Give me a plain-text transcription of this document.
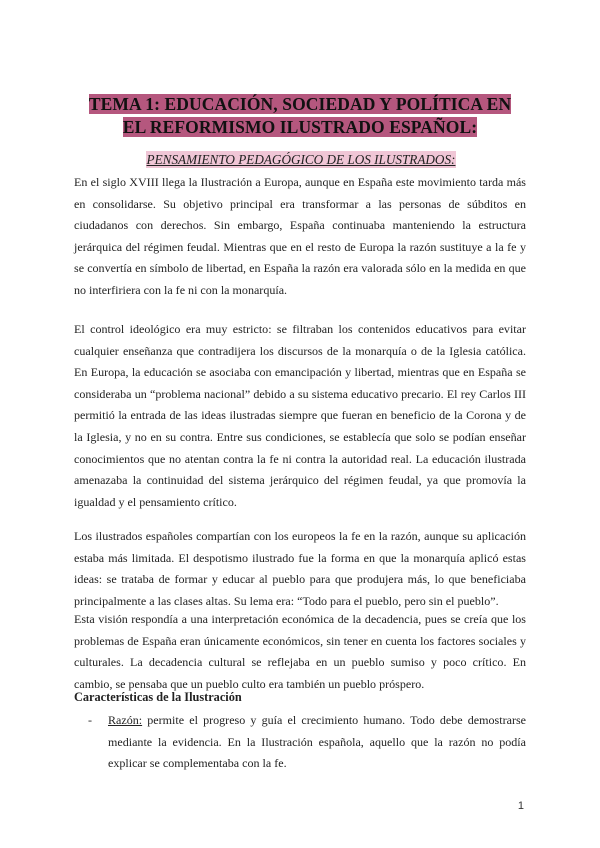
TEMA 1: EDUCACIÓN, SOCIEDAD Y POLÍTICA EN
EL REFORMISMO ILUSTRADO ESPAÑOL:
PENSAMIENTO PEDAGÓGICO DE LOS ILUSTRADOS:

En el siglo XVIII llega la Ilustración a Europa, aunque en España este movimiento tarda más en consolidarse. Su objetivo principal era transformar a las personas de súbditos en ciudadanos con derechos. Sin embargo, España continuaba manteniendo la estructura jerárquica del régimen feudal. Mientras que en el resto de Europa la razón sustituye a la fe y se convertía en símbolo de libertad, en España la razón era valorada sólo en la medida en que no interfiriera con la fe ni con la monarquía.

El control ideológico era muy estricto: se filtraban los contenidos educativos para evitar cualquier enseñanza que contradijera los discursos de la monarquía o de la Iglesia católica. En Europa, la educación se asociaba con emancipación y libertad, mientras que en España se consideraba un “problema nacional” debido a su sistema educativo precario. El rey Carlos III permitió la entrada de las ideas ilustradas siempre que fueran en beneficio de la Corona y de la Iglesia, y no en su contra. Entre sus condiciones, se establecía que solo se podían enseñar conocimientos que no atentan contra la fe ni contra la autoridad real. La educación ilustrada amenazaba la continuidad del sistema jerárquico del régimen feudal, ya que promovía la igualdad y el pensamiento crítico.

Los ilustrados españoles compartían con los europeos la fe en la razón, aunque su aplicación estaba más limitada. El despotismo ilustrado fue la forma en que la monarquía aplicó estas ideas: se trataba de formar y educar al pueblo para que produjera más, lo que beneficiaba principalmente a las clases altas. Su lema era: “Todo para el pueblo, pero sin el pueblo”.

Esta visión respondía a una interpretación económica de la decadencia, pues se creía que los problemas de España eran únicamente económicos, sin tener en cuenta los factores sociales y culturales. La decadencia cultural se reflejaba en un pueblo sumiso y poco crítico. En cambio, se pensaba que un pueblo culto era también un pueblo próspero.

Características de la Ilustración

-	Razón: permite el progreso y guía el crecimiento humano. Todo debe demostrarse mediante la evidencia. En la Ilustración española, aquello que la razón no podía explicar se complementaba con la fe.
1
